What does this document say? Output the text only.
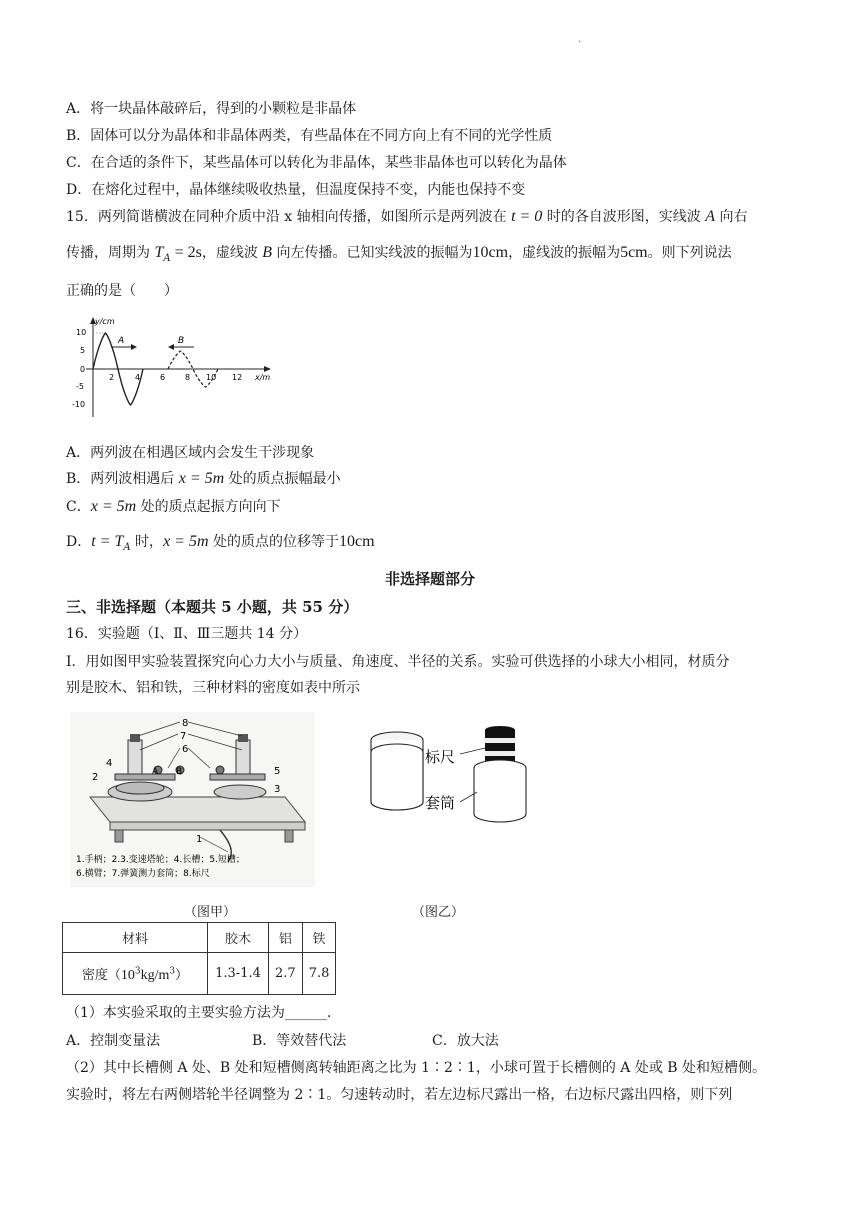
.
A．将一块晶体敲碎后，得到的小颗粒是非晶体
B．固体可以分为晶体和非晶体两类，有些晶体在不同方向上有不同的光学性质
C．在合适的条件下，某些晶体可以转化为非晶体，某些非晶体也可以转化为晶体
D．在熔化过程中，晶体继续吸收热量，但温度保持不变，内能也保持不变
15．两列简谐横波在同种介质中沿 x 轴相向传播，如图所示是两列波在 t = 0 时的各自波形图，实线波 A 向右
传播，周期为 $T_A = 2s$，虚线波 B 向左传播。已知实线波的振幅为10cm，虚线波的振幅为5cm。则下列说法
正确的是（　　）
y/cm
x/m
10
5
0
-5
-10
2	4 6 8 10 12
A	B
A．两列波在相遇区域内会发生干涉现象
B．两列波相遇后 x = 5m 处的质点振幅最小
C．x = 5m 处的质点起振方向向下
D．$t = T_A$ 时，x = 5m 处的质点的位移等于10cm
非选择题部分
三、非选择题（本题共 5 小题，共 55 分）
16．实验题（Ⅰ、Ⅱ、Ⅲ三题共 14 分）
Ⅰ．用如图甲实验装置探究向心力大小与质量、角速度、半径的关系。实验可供选择的小球大小相同，材质分
别是胶木、铝和铁，三种材料的密度如表中所示
8
7
6
4
2
5
3
1
A B
1.手柄；2.3.变速塔轮；4.长槽；5.短槽；
6.横臂；7.弹簧测力套筒；8.标尺
（图甲）
标尺
套筒
（图乙）
材料	胶木	铝	铁
密度$(10^3kg/m^3)$	1.3-1.4	2.7	7.8
（1）本实验采取的主要实验方法为______.
A．控制变量法	B．等效替代法	C．放大法
（2）其中长槽侧 A 处、B 处和短槽侧离转轴距离之比为 1∶2∶1，小球可置于长槽侧的 A 处或 B 处和短槽侧。
实验时，将左右两侧塔轮半径调整为 2∶1。匀速转动时，若左边标尺露出一格，右边标尺露出四格，则下列
